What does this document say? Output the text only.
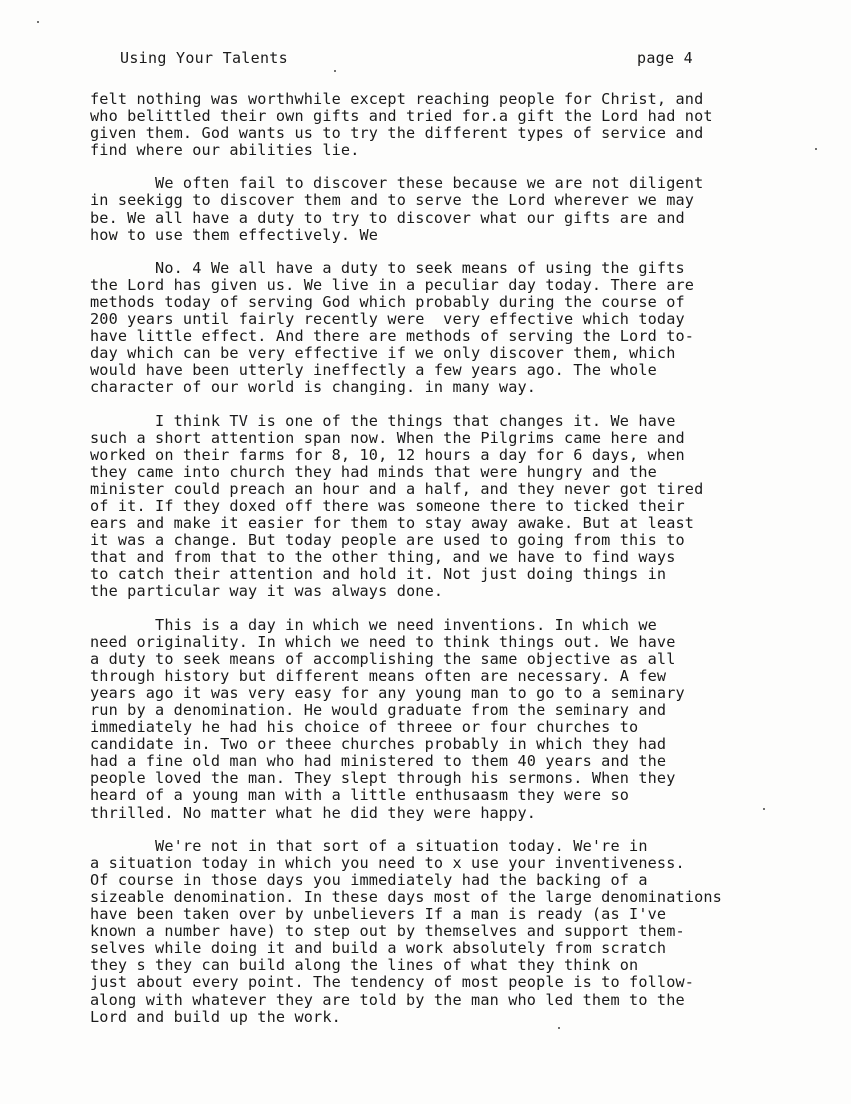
Using Your Talents	page 4
felt nothing was worthwhile except reaching people for Christ, and
who belittled their own gifts and tried for.a gift the Lord had not
given them. God wants us to try the different types of service and
find where our abilities lie.
We often fail to discover these because we are not diligent
in seekigg to discover them and to serve the Lord wherever we may
be. We all have a duty to try to discover what our gifts are and
how to use them effectively. We
No. 4 We all have a duty to seek means of using the gifts
the Lord has given us. We live in a peculiar day today. There are
methods today of serving God which probably during the course of
200 years until fairly recently were  very effective which today
have little effect. And there are methods of serving the Lord to-
day which can be very effective if we only discover them, which
would have been utterly ineffectly a few years ago. The whole
character of our world is changing. in many way.
I think TV is one of the things that changes it. We have
such a short attention span now. When the Pilgrims came here and
worked on their farms for 8, 10, 12 hours a day for 6 days, when
they came into church they had minds that were hungry and the
minister could preach an hour and a half, and they never got tired
of it. If they doxed off there was someone there to ticked their
ears and make it easier for them to stay away awake. But at least
it was a change. But today people are used to going from this to
that and from that to the other thing, and we have to find ways
to catch their attention and hold it. Not just doing things in
the particular way it was always done.
This is a day in which we need inventions. In which we
need originality. In which we need to think things out. We have
a duty to seek means of accomplishing the same objective as all
through history but different means often are necessary. A few
years ago it was very easy for any young man to go to a seminary
run by a denomination. He would graduate from the seminary and
immediately he had his choice of threee or four churches to
candidate in. Two or theee churches probably in which they had
had a fine old man who had ministered to them 40 years and the
people loved the man. They slept through his sermons. When they
heard of a young man with a little enthusaasm they were so
thrilled. No matter what he did they were happy.
We're not in that sort of a situation today. We're in
a situation today in which you need to x use your inventiveness.
Of course in those days you immediately had the backing of a
sizeable denomination. In these days most of the large denominations
have been taken over by unbelievers If a man is ready (as I've
known a number have) to step out by themselves and support them-
selves while doing it and build a work absolutely from scratch
they s they can build along the lines of what they think on
just about every point. The tendency of most people is to follow-
along with whatever they are told by the man who led them to the
Lord and build up the work.
